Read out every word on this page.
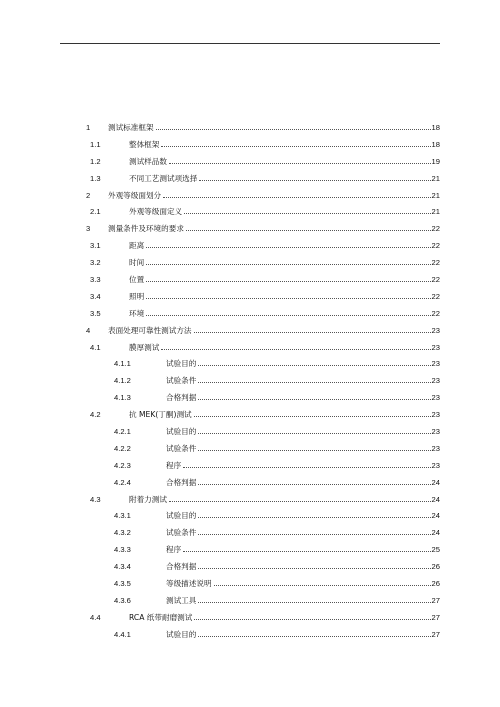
1 测试标准框架	18
1.1	整体框架	18
1.2	测试样品数	19
1.3	不同工艺测试项选择	21
2 外观等级面划分	21
2.1	外观等级面定义	21
3 测量条件及环境的要求	22
3.1	距离	22
3.2	时间	22
3.3	位置	22
3.4	照明	22
3.5	环境	22
4 表面处理可靠性测试方法	23
4.1	膜厚测试	23
4.1.1	试验目的	23
4.1.2	试验条件	23
4.1.3	合格判据	23
4.2	抗 MEK(丁酮)测试	23
4.2.1	试验目的	23
4.2.2	试验条件	23
4.2.3	程序	23
4.2.4	合格判据	24
4.3	附着力测试	24
4.3.1	试验目的	24
4.3.2	试验条件	24
4.3.3	程序	25
4.3.4	合格判据	26
4.3.5	等级描述说明	26
4.3.6	测试工具	27
4.4	RCA 纸带耐磨测试	27
4.4.1	试验目的	27
